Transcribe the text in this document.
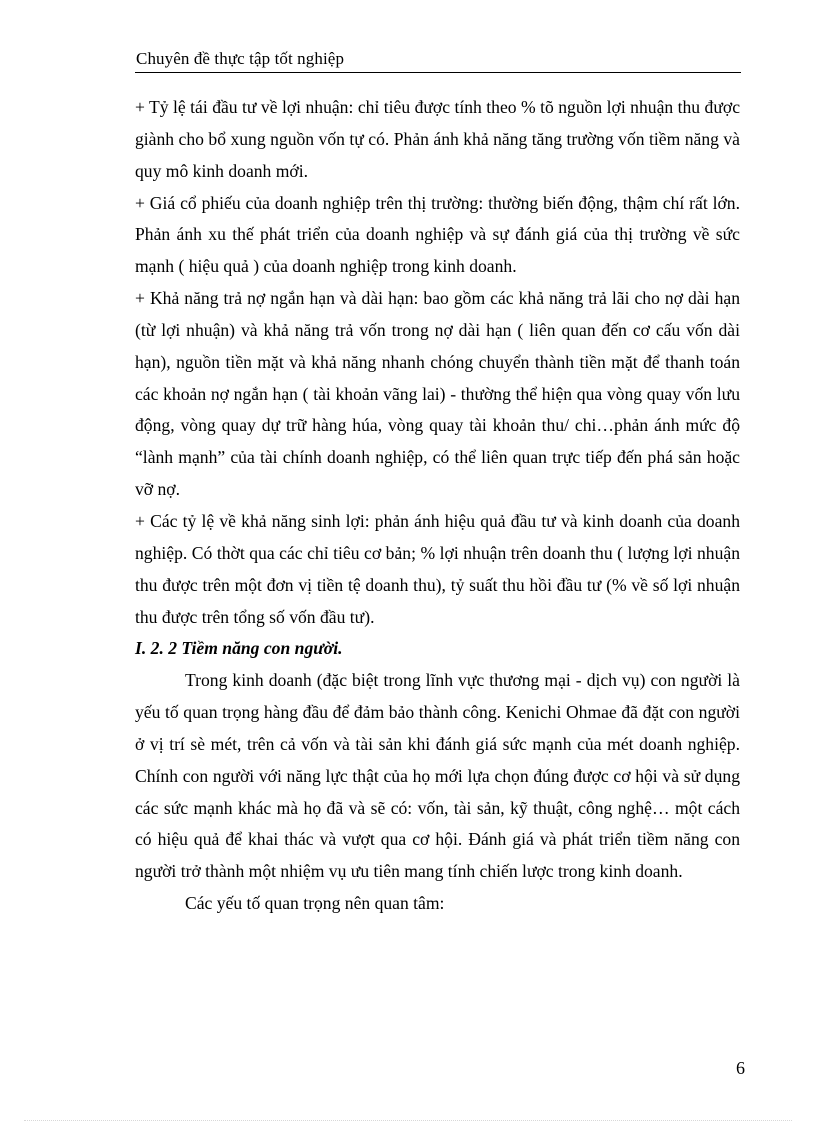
Chuyên đề thực tập tốt nghiệp

+ Tỷ lệ tái đầu tư về lợi nhuận: chỉ tiêu được tính theo % tõ nguồn lợi nhuận thu được giành cho bổ xung nguồn vốn tự có. Phản ánh khả năng tăng trường vốn tiềm năng và quy mô kinh doanh mới.

+ Giá cổ phiếu của doanh nghiệp trên thị trường: thường biến động, thậm chí rất lớn. Phản ánh xu thế phát triển của doanh nghiệp và sự đánh giá của thị trường về sức mạnh ( hiệu quả ) của doanh nghiệp trong kinh doanh.

+ Khả năng trả nợ ngắn hạn và dài hạn: bao gồm các khả năng trả lãi cho nợ dài hạn (từ lợi nhuận) và khả năng trả vốn trong nợ dài hạn ( liên quan đến cơ cấu vốn dài hạn), nguồn tiền mặt và khả năng nhanh chóng chuyển thành tiền mặt để thanh toán các khoản nợ ngắn hạn ( tài khoản vãng lai) - thường thể hiện qua vòng quay vốn lưu động, vòng quay dự trữ hàng húa, vòng quay tài khoản thu/ chi…phản ánh mức độ “lành mạnh” của tài chính doanh nghiệp, có thể liên quan trực tiếp đến phá sản hoặc vỡ nợ.

+ Các tỷ lệ về khả năng sinh lợi: phản ánh hiệu quả đầu tư và kinh doanh của doanh nghiệp. Có thờt qua các chỉ tiêu cơ bản; % lợi nhuận trên doanh thu ( lượng lợi nhuận thu được trên một đơn vị tiền tệ doanh thu), tỷ suất thu hồi đầu tư (% về số lợi nhuận thu được trên tổng số vốn đầu tư).

I. 2. 2 Tiềm năng con người.

Trong kinh doanh (đặc biệt trong lĩnh vực thương mại - dịch vụ) con người là yếu tố quan trọng hàng đầu để đảm bảo thành công. Kenichi Ohmae đã đặt con người ở vị trí sè mét, trên cả vốn và tài sản khi đánh giá sức mạnh của mét doanh nghiệp. Chính con người với năng lực thật của họ mới lựa chọn đúng được cơ hội và sử dụng các sức mạnh khác mà họ đã và sẽ có: vốn, tài sản, kỹ thuật, công nghệ… một cách có hiệu quả để khai thác và vượt qua cơ hội. Đánh giá và phát triển tiềm năng con người trở thành một nhiệm vụ ưu tiên mang tính chiến lược trong kinh doanh.

Các yếu tố quan trọng nên quan tâm:

6
